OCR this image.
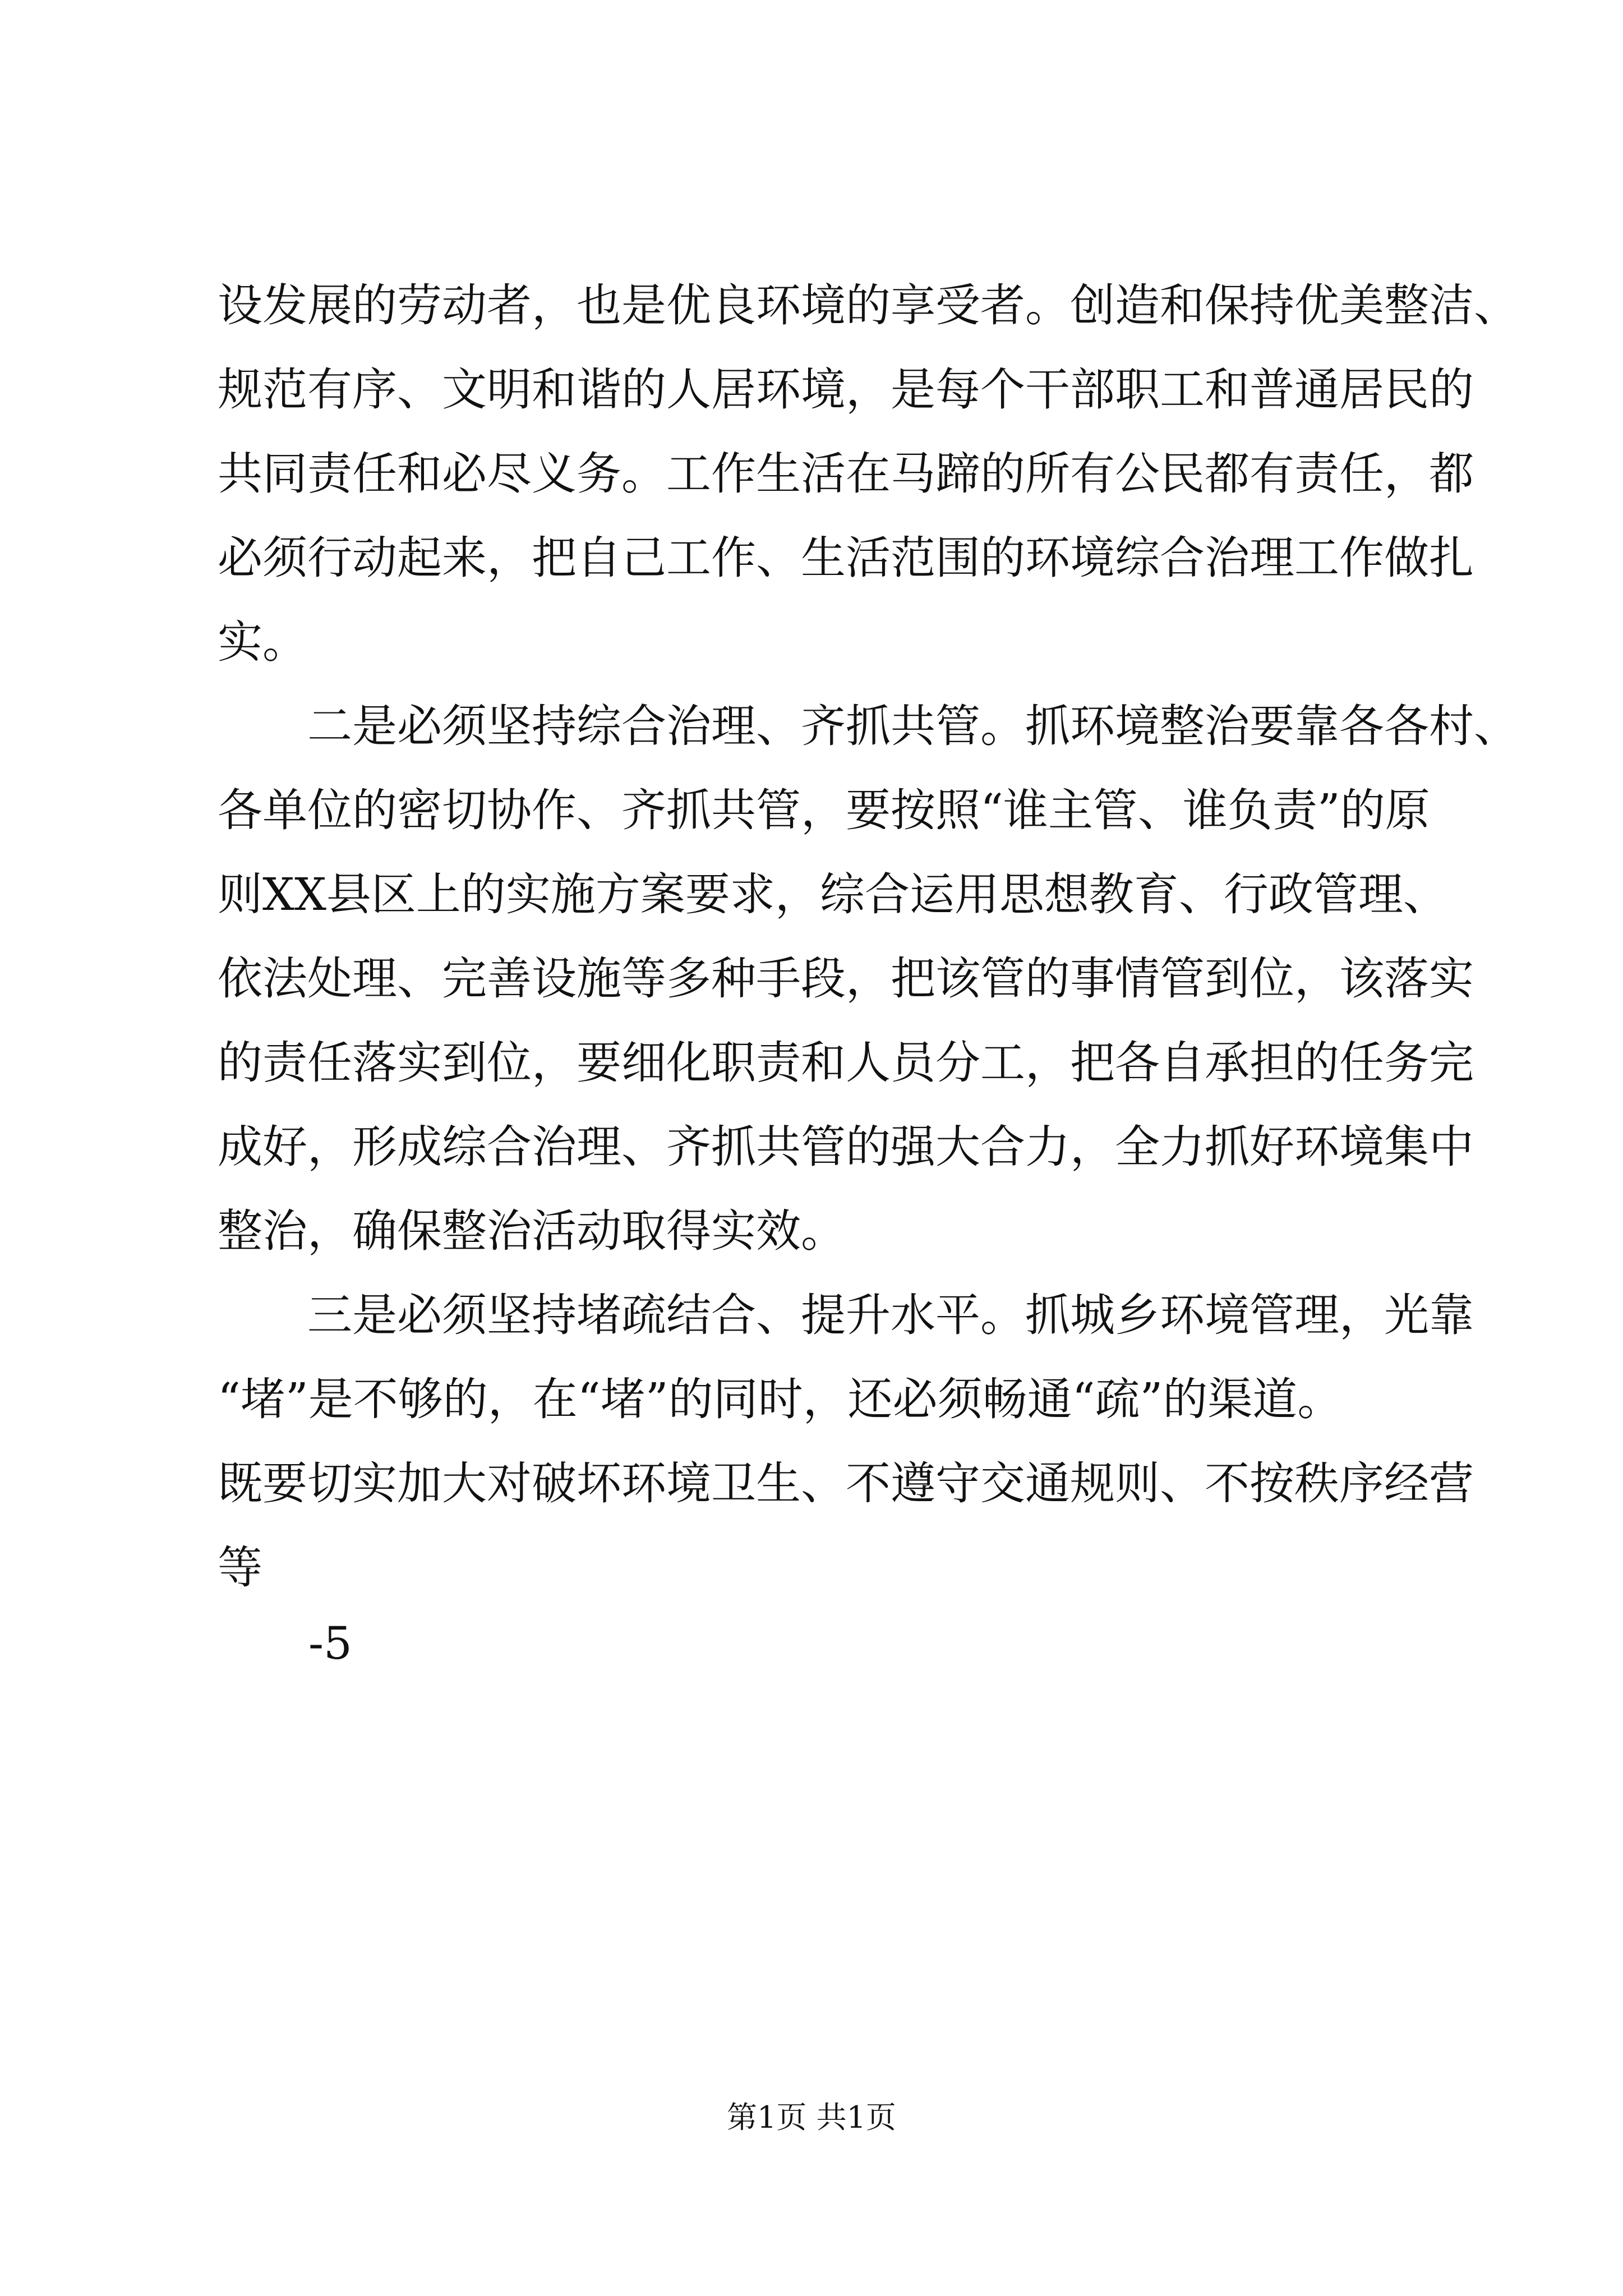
设发展的劳动者，也是优良环境的享受者。创造和保持优美整洁、
规范有序、文明和谐的人居环境，是每个干部职工和普通居民的
共同责任和必尽义务。工作生活在马蹄的所有公民都有责任，都
必须行动起来，把自己工作、生活范围的环境综合治理工作做扎
实。
二是必须坚持综合治理、齐抓共管。抓环境整治要靠各各村、
各单位的密切协作、齐抓共管，要按照“谁主管、谁负责”的原
则XX县区上的实施方案要求，综合运用思想教育、行政管理、
依法处理、完善设施等多种手段，把该管的事情管到位，该落实
的责任落实到位，要细化职责和人员分工，把各自承担的任务完
成好，形成综合治理、齐抓共管的强大合力，全力抓好环境集中
整治，确保整治活动取得实效。
三是必须坚持堵疏结合、提升水平。抓城乡环境管理，光靠
“堵”是不够的，在“堵”的同时，还必须畅通“疏”的渠道。
既要切实加大对破坏环境卫生、不遵守交通规则、不按秩序经营
等
-5
第1页 共1页
